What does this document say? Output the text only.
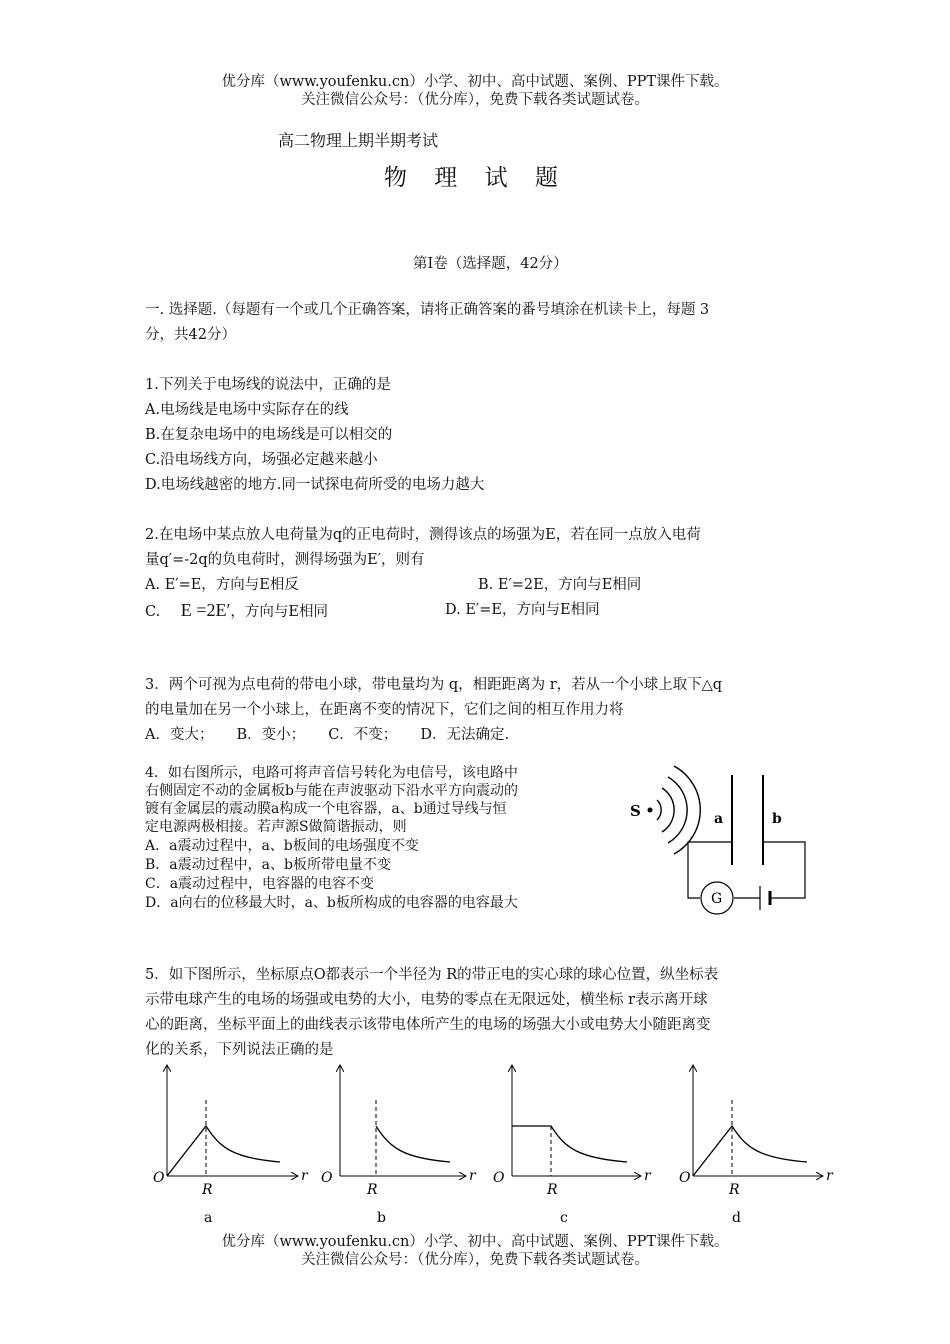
优分库（www.youfenku.cn）小学、初中、高中试题、案例、PPT课件下载。
关注微信公众号：（优分库），免费下载各类试题试卷。
高二物理上期半期考试
物 理 试 题
第Ⅰ卷（选择题，42分）
一. 选择题.（每题有一个或几个正确答案，请将正确答案的番号填涂在机读卡上，每题 3
分，共42分）
1.下列关于电场线的说法中，正确的是
A.电场线是电场中实际存在的线
B.在复杂电场中的电场线是可以相交的
C.沿电场线方向，场强必定越来越小
D.电场线越密的地方.同一试探电荷所受的电场力越大
2.在电场中某点放人电荷量为q的正电荷时，测得该点的场强为E，若在同一点放入电荷
量q′=-2q的负电荷时，测得场强为E′，则有
A. E′=E，方向与E相反	B. E′=2E，方向与E相同
C. E =2E′，方向与E相同	D. E′=E，方向与E相同
3．两个可视为点电荷的带电小球，带电量均为 q，相距距离为 r，若从一个小球上取下△q
的电量加在另一个小球上，在距离不变的情况下，它们之间的相互作用力将
A．变大；     B．变小；     C．不变；     D．无法确定.
4．如右图所示，电路可将声音信号转化为电信号，该电路中
右侧固定不动的金属板b与能在声波驱动下沿水平方向震动的
镀有金属层的震动膜a构成一个电容器，a、b通过导线与恒
定电源两极相接。若声源S做简谐振动，则
A．a震动过程中，a、b板间的电场强度不变
B．a震动过程中，a、b板所带电量不变
C．a震动过程中，电容器的电容不变
D．a向右的位移最大时，a、b板所构成的电容器的电容最大
S	a	b
G
5．如下图所示，坐标原点O都表示一个半径为 R的带正电的实心球的球心位置，纵坐标表
示带电球产生的电场的场强或电势的大小，电势的零点在无限远处，横坐标 r表示离开球
心的距离，坐标平面上的曲线表示该带电体所产生的电场的场强大小或电势大小随距离变
化的关系，下列说法正确的是
O	r
R
a
O	r
R
b
O	r
R
c
O	r
R
d
优分库（www.youfenku.cn）小学、初中、高中试题、案例、PPT课件下载。
关注微信公众号：（优分库），免费下载各类试题试卷。
